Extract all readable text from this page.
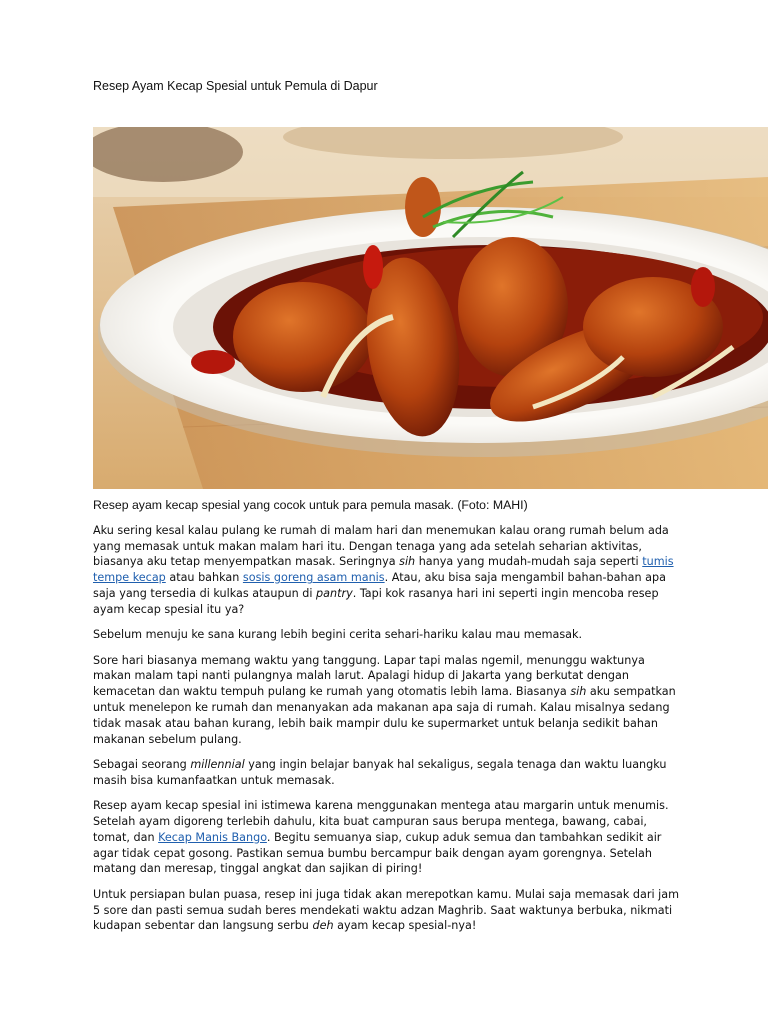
Resep Ayam Kecap Spesial untuk Pemula di Dapur

Resep ayam kecap spesial yang cocok untuk para pemula masak. (Foto: MAHI)

Aku sering kesal kalau pulang ke rumah di malam hari dan menemukan kalau orang rumah belum ada yang memasak untuk makan malam hari itu. Dengan tenaga yang ada setelah seharian aktivitas, biasanya aku tetap menyempatkan masak. Seringnya sih hanya yang mudah-mudah saja seperti tumis tempe kecap atau bahkan sosis goreng asam manis. Atau, aku bisa saja mengambil bahan-bahan apa saja yang tersedia di kulkas ataupun di pantry. Tapi kok rasanya hari ini seperti ingin mencoba resep ayam kecap spesial itu ya?

Sebelum menuju ke sana kurang lebih begini cerita sehari-hariku kalau mau memasak.

Sore hari biasanya memang waktu yang tanggung. Lapar tapi malas ngemil, menunggu waktunya makan malam tapi nanti pulangnya malah larut. Apalagi hidup di Jakarta yang berkutat dengan kemacetan dan waktu tempuh pulang ke rumah yang otomatis lebih lama. Biasanya sih aku sempatkan untuk menelepon ke rumah dan menanyakan ada makanan apa saja di rumah. Kalau misalnya sedang tidak masak atau bahan kurang, lebih baik mampir dulu ke supermarket untuk belanja sedikit bahan makanan sebelum pulang.

Sebagai seorang millennial yang ingin belajar banyak hal sekaligus, segala tenaga dan waktu luangku masih bisa kumanfaatkan untuk memasak.

Resep ayam kecap spesial ini istimewa karena menggunakan mentega atau margarin untuk menumis. Setelah ayam digoreng terlebih dahulu, kita buat campuran saus berupa mentega, bawang, cabai, tomat, dan Kecap Manis Bango. Begitu semuanya siap, cukup aduk semua dan tambahkan sedikit air agar tidak cepat gosong. Pastikan semua bumbu bercampur baik dengan ayam gorengnya. Setelah matang dan meresap, tinggal angkat dan sajikan di piring!

Untuk persiapan bulan puasa, resep ini juga tidak akan merepotkan kamu. Mulai saja memasak dari jam 5 sore dan pasti semua sudah beres mendekati waktu adzan Maghrib. Saat waktunya berbuka, nikmati kudapan sebentar dan langsung serbu deh ayam kecap spesial-nya!
